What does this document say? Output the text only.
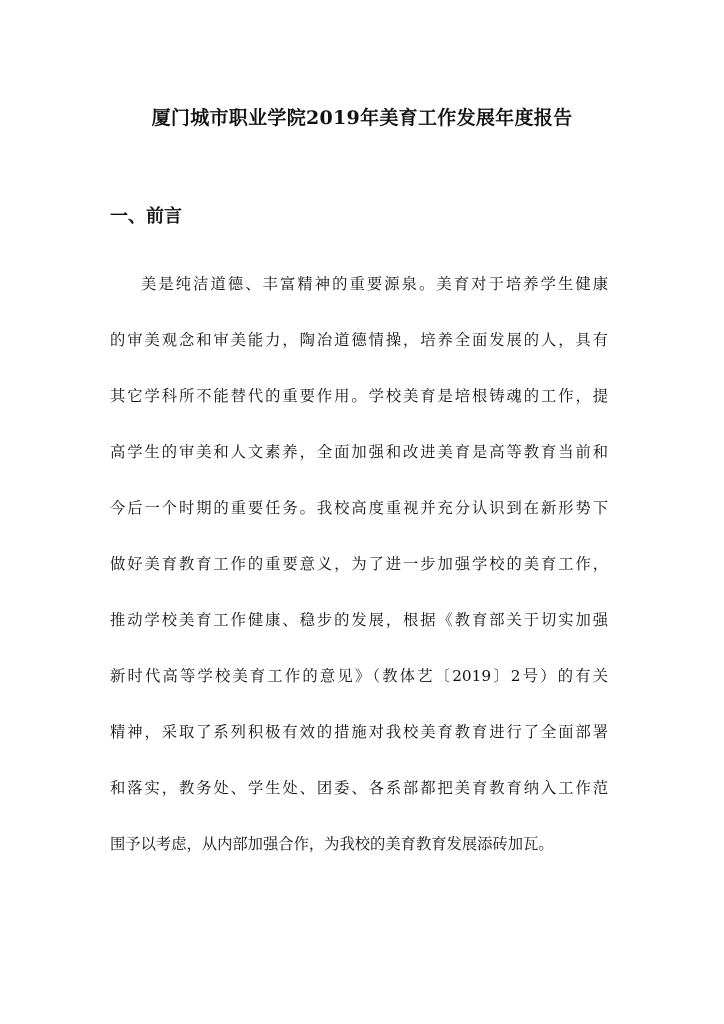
厦门城市职业学院2019年美育工作发展年度报告
一、前言
美是纯洁道德、丰富精神的重要源泉。美育对于培养学生健康
的审美观念和审美能力，陶冶道德情操，培养全面发展的人，具有
其它学科所不能替代的重要作用。学校美育是培根铸魂的工作，提
高学生的审美和人文素养，全面加强和改进美育是高等教育当前和
今后一个时期的重要任务。我校高度重视并充分认识到在新形势下
做好美育教育工作的重要意义，为了进一步加强学校的美育工作，
推动学校美育工作健康、稳步的发展，根据《教育部关于切实加强
新时代高等学校美育工作的意见》（教体艺〔2019〕2号）的有关
精神，采取了系列积极有效的措施对我校美育教育进行了全面部署
和落实，教务处、学生处、团委、各系部都把美育教育纳入工作范
围予以考虑，从内部加强合作，为我校的美育教育发展添砖加瓦。
